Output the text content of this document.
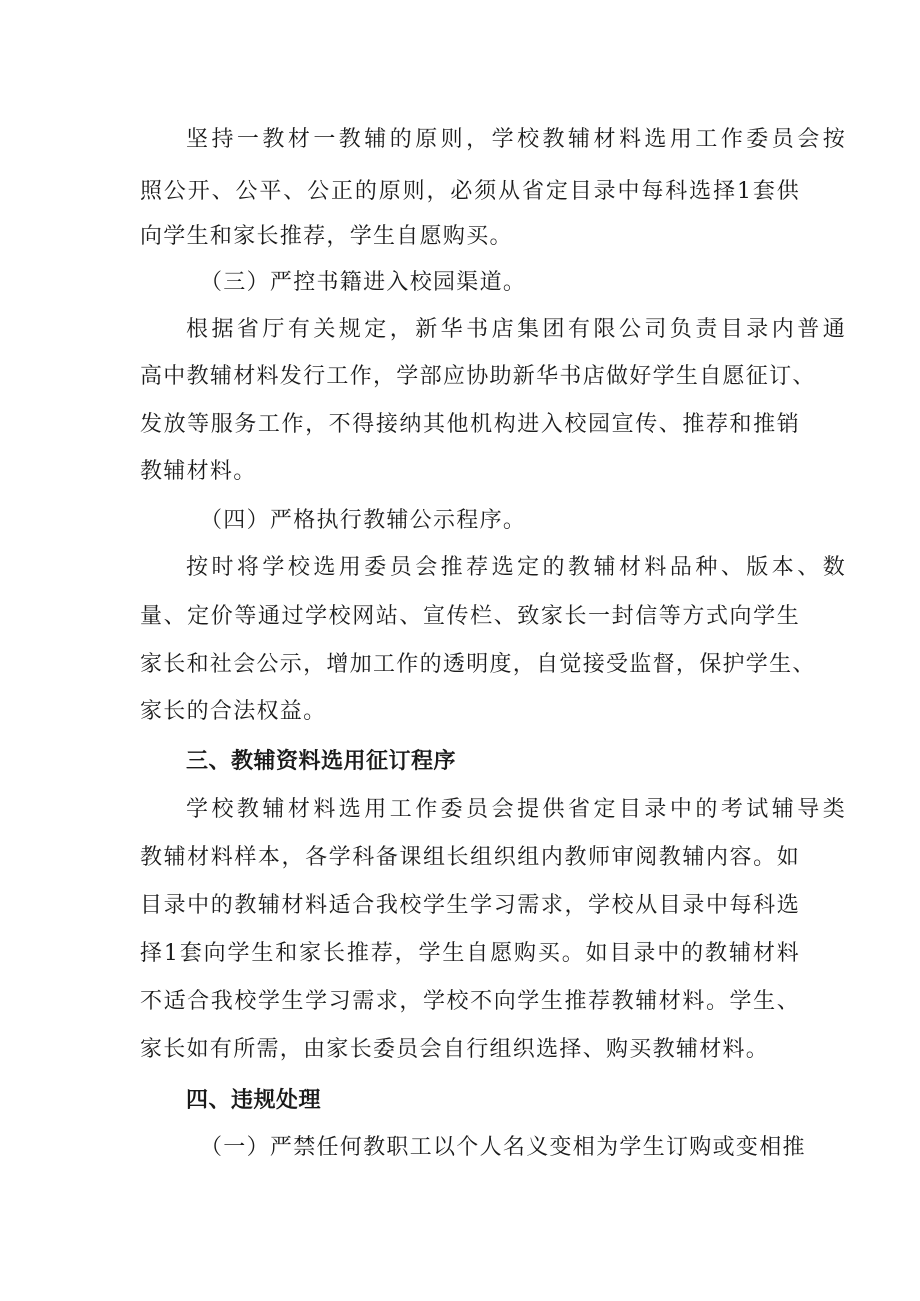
坚持一教材一教辅的原则，学校教辅材料选用工作委员会按
照公开、公平、公正的原则，必须从省定目录中每科选择1套供
向学生和家长推荐，学生自愿购买。
（三）严控书籍进入校园渠道。
根据省厅有关规定，新华书店集团有限公司负责目录内普通
高中教辅材料发行工作，学部应协助新华书店做好学生自愿征订、
发放等服务工作，不得接纳其他机构进入校园宣传、推荐和推销
教辅材料。
（四）严格执行教辅公示程序。
按时将学校选用委员会推荐选定的教辅材料品种、版本、数
量、定价等通过学校网站、宣传栏、致家长一封信等方式向学生
家长和社会公示，增加工作的透明度，自觉接受监督，保护学生、
家长的合法权益。
三、教辅资料选用征订程序
学校教辅材料选用工作委员会提供省定目录中的考试辅导类
教辅材料样本，各学科备课组长组织组内教师审阅教辅内容。如
目录中的教辅材料适合我校学生学习需求，学校从目录中每科选
择1套向学生和家长推荐，学生自愿购买。如目录中的教辅材料
不适合我校学生学习需求，学校不向学生推荐教辅材料。学生、
家长如有所需，由家长委员会自行组织选择、购买教辅材料。
四、违规处理
（一）严禁任何教职工以个人名义变相为学生订购或变相推
